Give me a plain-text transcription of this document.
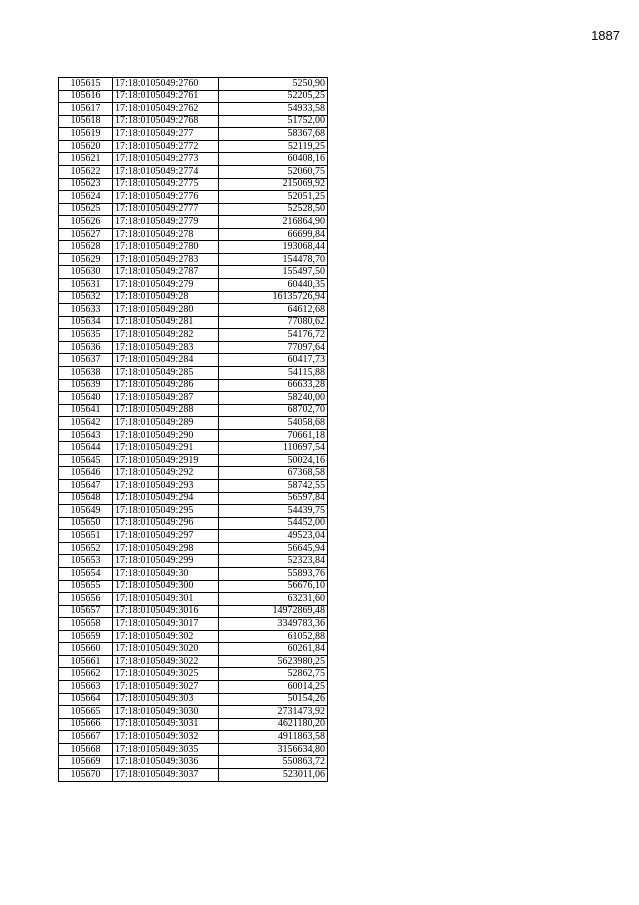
1887
105615	17:18:0105049:2760	5250,90
105616	17:18:0105049:2761	52205,25
105617	17:18:0105049:2762	54933,58
105618	17:18:0105049:2768	51752,00
105619	17:18:0105049:277	58367,68
105620	17:18:0105049:2772	52119,25
105621	17:18:0105049:2773	60408,16
105622	17:18:0105049:2774	52060,75
105623	17:18:0105049:2775	215069,92
105624	17:18:0105049:2776	52051,25
105625	17:18:0105049:2777	52528,50
105626	17:18:0105049:2779	216864,90
105627	17:18:0105049:278	66699,84
105628	17:18:0105049:2780	193068,44
105629	17:18:0105049:2783	154478,70
105630	17:18:0105049:2787	155497,50
105631	17:18:0105049:279	60440,35
105632	17:18:0105049:28	16135726,94
105633	17:18:0105049:280	64612,68
105634	17:18:0105049:281	77080,62
105635	17:18:0105049:282	54176,72
105636	17:18:0105049:283	77097,64
105637	17:18:0105049:284	60417,73
105638	17:18:0105049:285	54115,88
105639	17:18:0105049:286	66633,28
105640	17:18:0105049:287	58240,00
105641	17:18:0105049:288	68702,70
105642	17:18:0105049:289	54058,68
105643	17:18:0105049:290	70661,18
105644	17:18:0105049:291	110697,54
105645	17:18:0105049:2919	50024,16
105646	17:18:0105049:292	67368,58
105647	17:18:0105049:293	58742,55
105648	17:18:0105049:294	56597,84
105649	17:18:0105049:295	54439,75
105650	17:18:0105049:296	54452,00
105651	17:18:0105049:297	49523,04
105652	17:18:0105049:298	56645,94
105653	17:18:0105049:299	52323,84
105654	17:18:0105049:30	55893,76
105655	17:18:0105049:300	56676,10
105656	17:18:0105049:301	63231,60
105657	17:18:0105049:3016	14972869,48
105658	17:18:0105049:3017	3349783,36
105659	17:18:0105049:302	61052,88
105660	17:18:0105049:3020	60261,84
105661	17:18:0105049:3022	5623980,25
105662	17:18:0105049:3025	52862,75
105663	17:18:0105049:3027	60014,25
105664	17:18:0105049:303	50154,26
105665	17:18:0105049:3030	2731473,92
105666	17:18:0105049:3031	4621180,20
105667	17:18:0105049:3032	4911863,58
105668	17:18:0105049:3035	3156634,80
105669	17:18:0105049:3036	550863,72
105670	17:18:0105049:3037	523011,06
